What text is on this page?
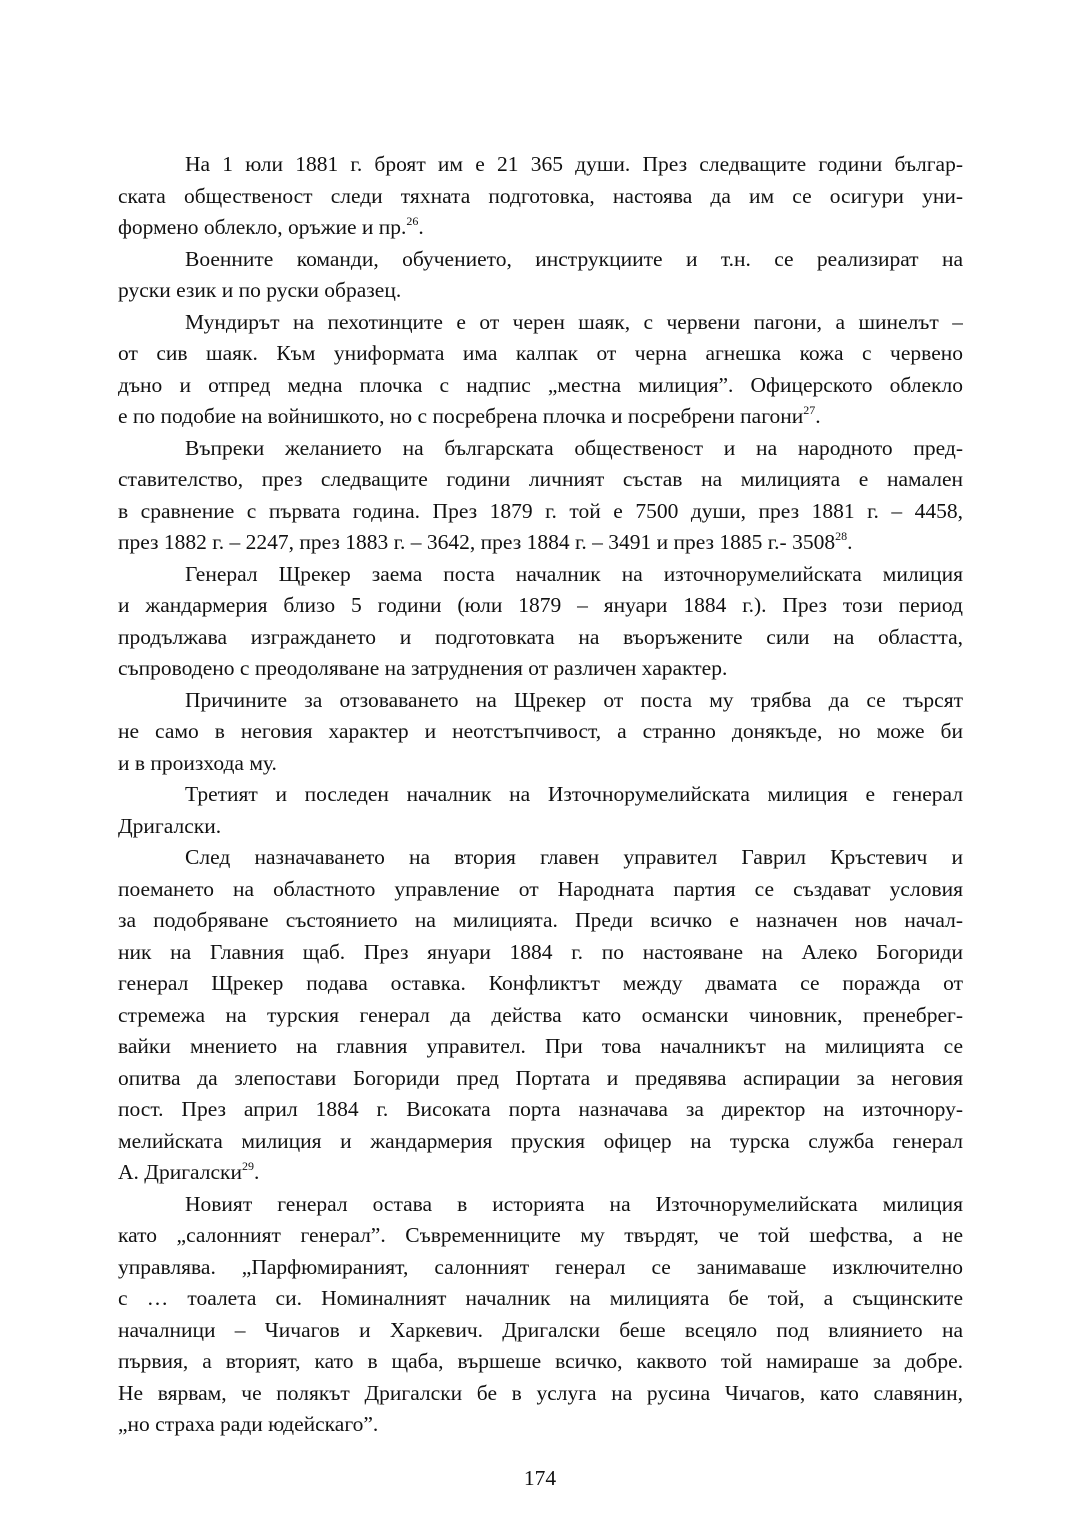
На 1 юли 1881 г. броят им е 21 365 души. През следващите години българ-
ската общественост следи тяхната подготовка, настоява да им се осигури уни-
формено облекло, оръжие и пр.$^{26}$.
Военните команди, обучението, инструкциите и т.н. се реализират на
руски език и по руски образец.
Мундирът на пехотинците е от черен шаяк, с червени пагони, а шинелът –
от сив шаяк. Към униформата има калпак от черна агнешка кожа с червено
дъно и отпред медна плочка с надпис „местна милиция”. Офицерското облекло
е по подобие на войнишкото, но с посребрена плочка и посребрени пагони$^{27}$.
Въпреки желанието на българската общественост и на народното пред-
ставителство, през следващите години личният състав на милицията е намален
в сравнение с първата година. През 1879 г. той е 7500 души, през 1881 г. – 4458,
през 1882 г. – 2247, през 1883 г. – 3642, през 1884 г. – 3491 и през 1885 г.- 3508$^{28}$.
Генерал Щрекер заема поста началник на източнорумелийската милиция
и жандармерия близо 5 години (юли 1879 – януари 1884 г.). През този период
продължава изграждането и подготовката на въоръжените сили на областта,
съпроводено с преодоляване на затруднения от различен характер.
Причините за отзоваването на Щрекер от поста му трябва да се търсят
не само в неговия характер и неотстъпчивост, а странно донякъде, но може би
и в произхода му.
Третият и последен началник на Източнорумелийската милиция е генерал
Дригалски.
След назначаването на втория главен управител Гаврил Кръстевич и
поемането на областното управление от Народната партия се създават условия
за подобряване състоянието на милицията. Преди всичко е назначен нов начал-
ник на Главния щаб. През януари 1884 г. по настояване на Алеко Богориди
генерал Щрекер подава оставка. Конфликтът между двамата се поражда от
стремежа на турския генерал да действа като османски чиновник, пренебрег-
вайки мнението на главния управител. При това началникът на милицията се
опитва да злепостави Богориди пред Портата и предявява аспирации за неговия
пост. През април 1884 г. Високата порта назначава за директор на източнору-
мелийската милиция и жандармерия пруския офицер на турска служба генерал
А. Дригалски$^{29}$.
Новият генерал остава в историята на Източнорумелийската милиция
като „салонният генерал”. Съвременниците му твърдят, че той шефства, а не
управлява. „Парфюмираният, салонният генерал се занимаваше изключително
с … тоалета си. Номиналният началник на милицията бе той, а същинските
началници – Чичагов и Харкевич. Дригалски беше всецяло под влиянието на
първия, а вторият, като в щаба, вършеше всичко, каквото той намираше за добре.
Не вярвам, че полякът Дригалски бе в услуга на русина Чичагов, като славянин,
„но страха ради юдейскаго”.
174
